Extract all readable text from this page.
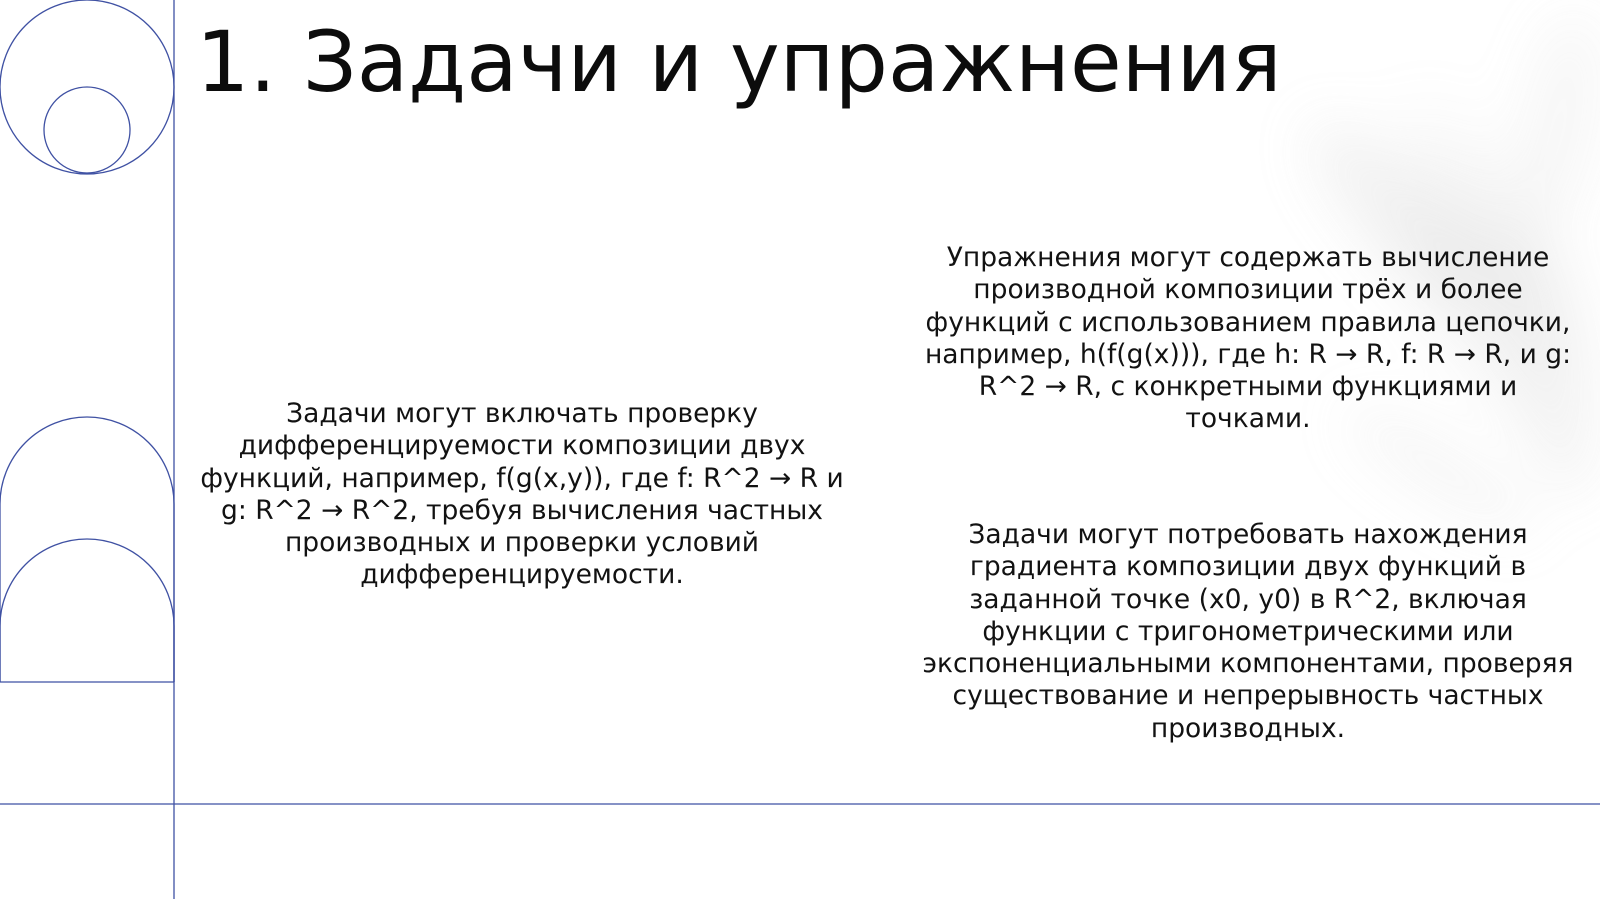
1. Задачи и упражнения

Задачи могут включать проверку дифференцируемости композиции двух функций, например, f(g(x,y)), где f: R^2 → R и g: R^2 → R^2, требуя вычисления частных производных и проверки условий дифференцируемости.

Упражнения могут содержать вычисление производной композиции трёх и более функций с использованием правила цепочки, например, h(f(g(x))), где h: R → R, f: R → R, и g: R^2 → R, с конкретными функциями и точками.

Задачи могут потребовать нахождения градиента композиции двух функций в заданной точке (x0, y0) в R^2, включая функции с тригонометрическими или экспоненциальными компонентами, проверяя существование и непрерывность частных производных.
